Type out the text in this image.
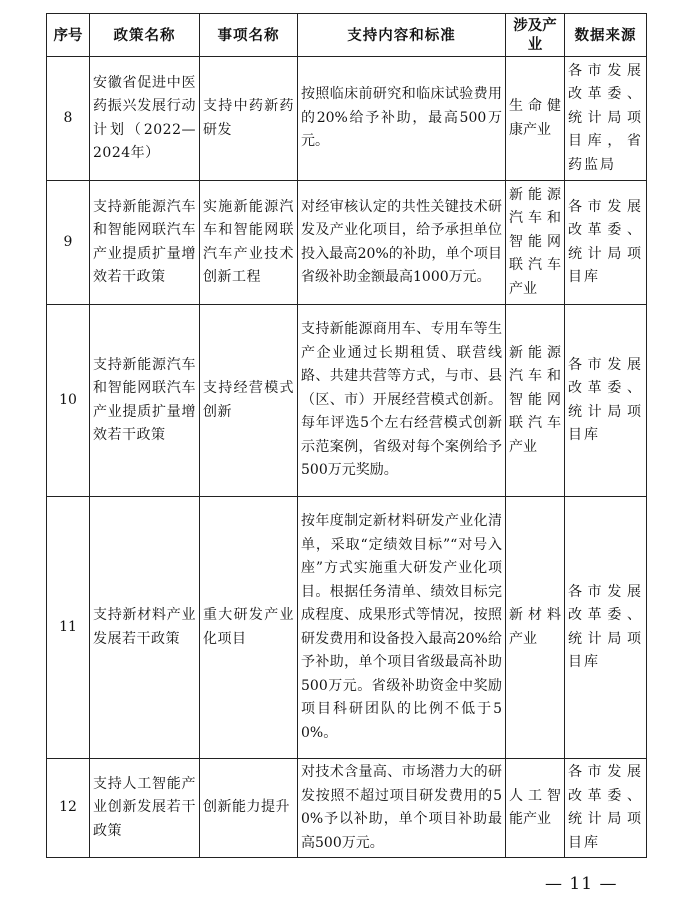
序号	政策名称	事项名称	支持内容和标准	涉及产业	数据来源
8	安徽省促进中医药振兴发展行动计划（2022—2024年）	支持中药新药研发	按照临床前研究和临床试验费用的20%给予补助，最高500万元。	生命健康产业	各市发展改革委、统计局项目库，省药监局
9	支持新能源汽车和智能网联汽车产业提质扩量增效若干政策	实施新能源汽车和智能网联汽车产业技术创新工程	对经审核认定的共性关键技术研发及产业化项目，给予承担单位投入最高20%的补助，单个项目省级补助金额最高1000万元。	新能源汽车和智能网联汽车产业	各市发展改革委、统计局项目库
10	支持新能源汽车和智能网联汽车产业提质扩量增效若干政策	支持经营模式创新	支持新能源商用车、专用车等生产企业通过长期租赁、联营线路、共建共营等方式，与市、县（区、市）开展经营模式创新。每年评选5个左右经营模式创新示范案例，省级对每个案例给予500万元奖励。	新能源汽车和智能网联汽车产业	各市发展改革委、统计局项目库
11	支持新材料产业发展若干政策	重大研发产业化项目	按年度制定新材料研发产业化清单，采取“定绩效目标”“对号入座”方式实施重大研发产业化项目。根据任务清单、绩效目标完成程度、成果形式等情况，按照研发费用和设备投入最高20%给予补助，单个项目省级最高补助500万元。省级补助资金中奖励项目科研团队的比例不低于50%。	新材料产业	各市发展改革委、统计局项目库
12	支持人工智能产业创新发展若干政策	创新能力提升	对技术含量高、市场潜力大的研发按照不超过项目研发费用的50%予以补助，单个项目补助最高500万元。	人工智能产业	各市发展改革委、统计局项目库
— 11 —
